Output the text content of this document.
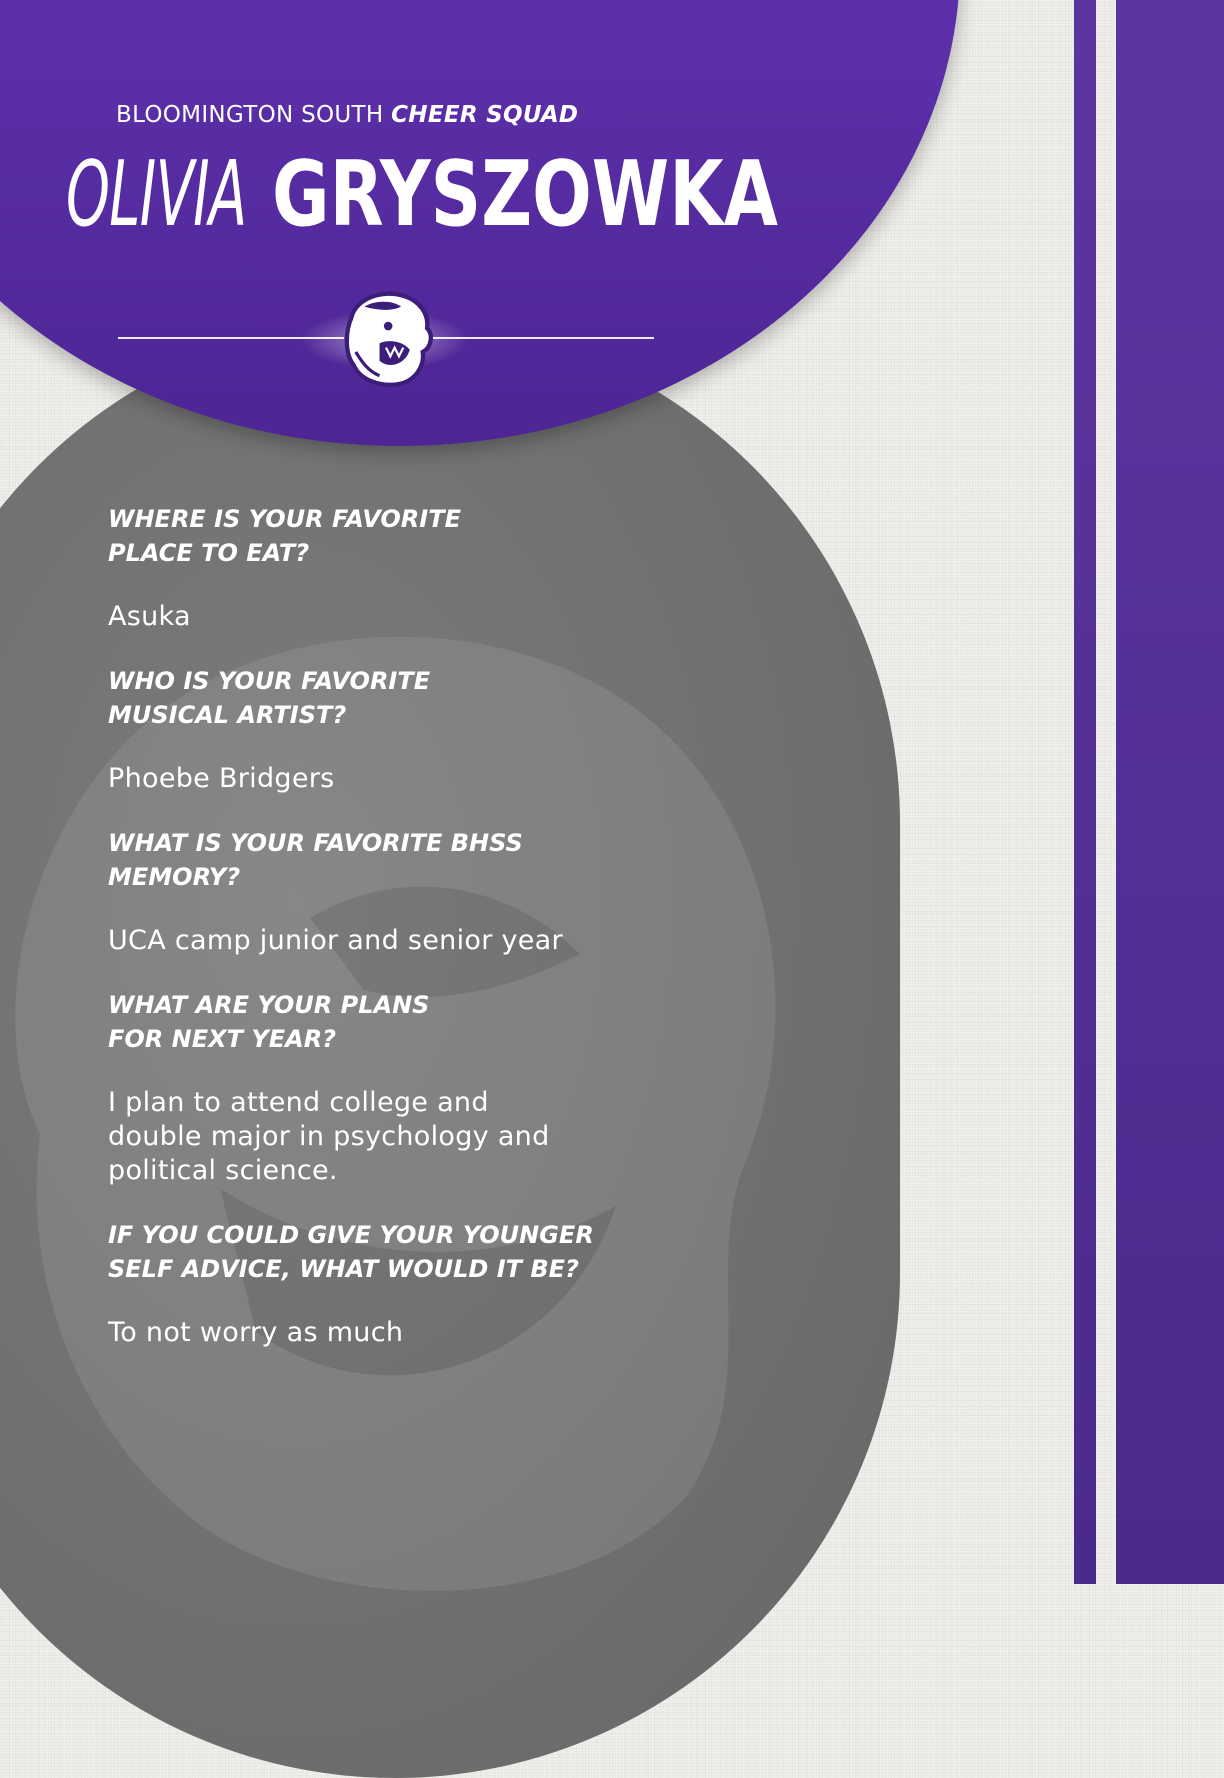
BLOOMINGTON SOUTH CHEER SQUAD
OLIVIA GRYSZOWKA

WHERE IS YOUR FAVORITE
PLACE TO EAT?

Asuka

WHO IS YOUR FAVORITE
MUSICAL ARTIST?

Phoebe Bridgers

WHAT IS YOUR FAVORITE BHSS
MEMORY?

UCA camp junior and senior year

WHAT ARE YOUR PLANS
FOR NEXT YEAR?

I plan to attend college and
double major in psychology and
political science.

IF YOU COULD GIVE YOUR YOUNGER
SELF ADVICE, WHAT WOULD IT BE?

To not worry as much
